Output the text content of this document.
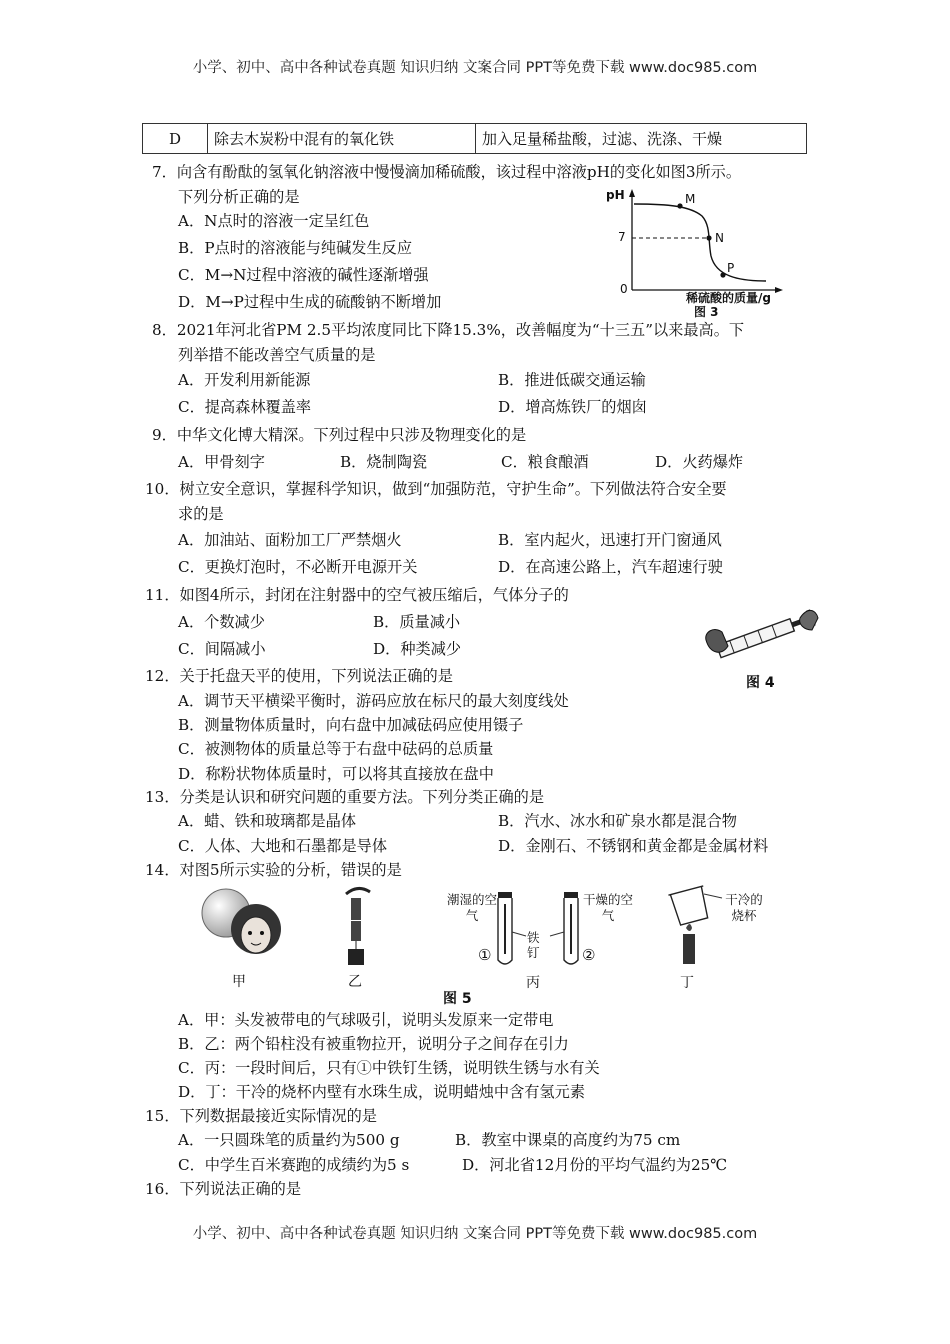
小学、初中、高中各种试卷真题 知识归纳 文案合同 PPT等免费下载 www.doc985.com
D	除去木炭粉中混有的氧化铁	加入足量稀盐酸，过滤、洗涤、干燥
7．向含有酚酞的氢氧化钠溶液中慢慢滴加稀硫酸，该过程中溶液pH的变化如图3所示。
下列分析正确的是
A．N点时的溶液一定呈红色
B．P点时的溶液能与纯碱发生反应
C．M→N过程中溶液的碱性逐渐增强
D．M→P过程中生成的硫酸钠不断增加
pH
7
0
M
N
P
稀硫酸的质量/g
图 3
8．2021年河北省PM 2.5平均浓度同比下降15.3%，改善幅度为“十三五”以来最高。下
列举措不能改善空气质量的是
A．开发利用新能源	B．推进低碳交通运输
C．提高森林覆盖率	D．增高炼铁厂的烟囱
9．中华文化博大精深。下列过程中只涉及物理变化的是
A．甲骨刻字	B．烧制陶瓷	C．粮食酿酒	D．火药爆炸
10．树立安全意识，掌握科学知识，做到“加强防范，守护生命”。下列做法符合安全要
求的是
A．加油站、面粉加工厂严禁烟火	B．室内起火，迅速打开门窗通风
C．更换灯泡时，不必断开电源开关	D．在高速公路上，汽车超速行驶
11．如图4所示，封闭在注射器中的空气被压缩后，气体分子的
A．个数减少	B．质量减小
C．间隔减小	D．种类减少
图 4
12．关于托盘天平的使用，下列说法正确的是
A．调节天平横梁平衡时，游码应放在标尺的最大刻度线处
B．测量物体质量时，向右盘中加减砝码应使用镊子
C．被测物体的质量总等于右盘中砝码的总质量
D．称粉状物体质量时，可以将其直接放在盘中
13．分类是认识和研究问题的重要方法。下列分类正确的是
A．蜡、铁和玻璃都是晶体	B．汽水、冰水和矿泉水都是混合物
C．人体、大地和石墨都是导体	D．金刚石、不锈钢和黄金都是金属材料
14．对图5所示实验的分析，错误的是
甲	乙
潮湿的空气
干燥的空气
铁钉
①	②
丙
干冷的烧杯
丁
图 5
A．甲：头发被带电的气球吸引，说明头发原来一定带电
B．乙：两个铅柱没有被重物拉开，说明分子之间存在引力
C．丙：一段时间后，只有①中铁钉生锈，说明铁生锈与水有关
D．丁：干冷的烧杯内壁有水珠生成，说明蜡烛中含有氢元素
15．下列数据最接近实际情况的是
A．一只圆珠笔的质量约为500 g	B．教室中课桌的高度约为75 cm
C．中学生百米赛跑的成绩约为5 s	D．河北省12月份的平均气温约为25℃
16．下列说法正确的是
小学、初中、高中各种试卷真题 知识归纳 文案合同 PPT等免费下载 www.doc985.com
